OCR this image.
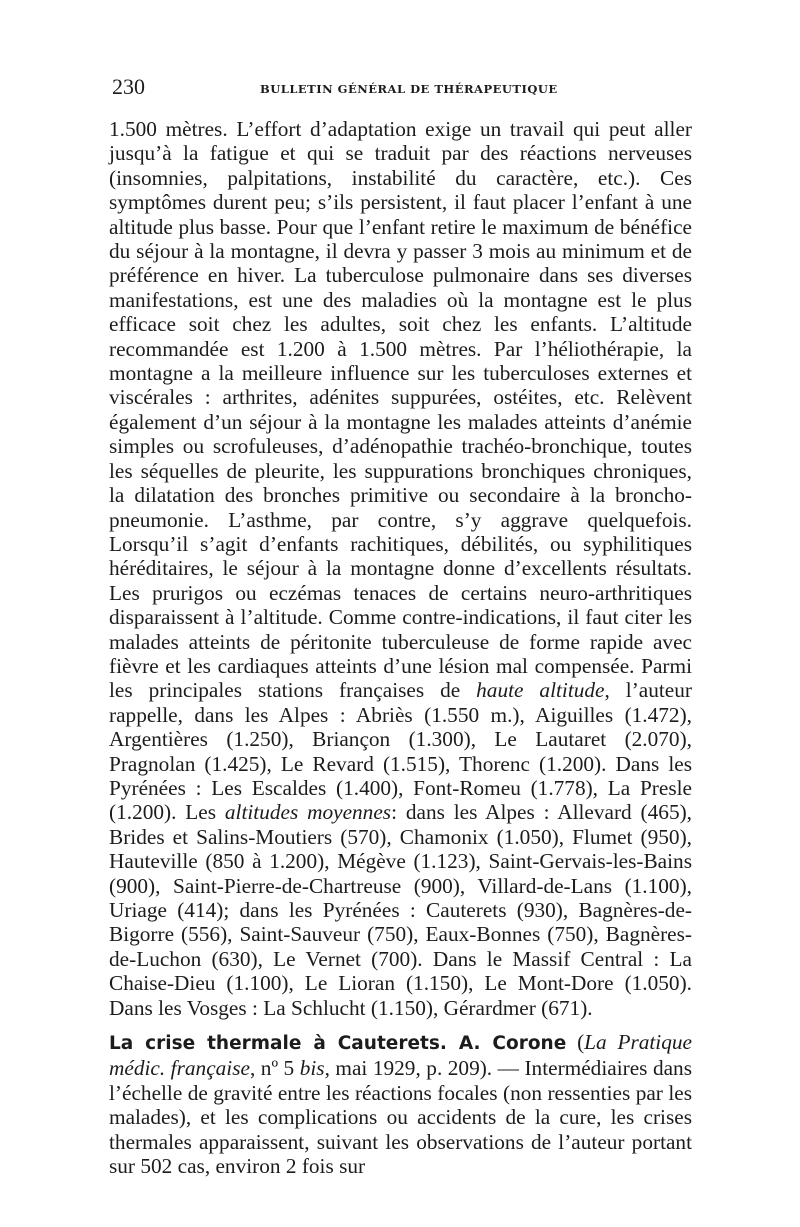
230	BULLETIN GÉNÉRAL DE THÉRAPEUTIQUE

1.500 mètres. L’effort d’adaptation exige un travail qui peut aller jusqu’à la fatigue et qui se traduit par des réactions nerveuses (insomnies, palpitations, instabilité du caractère, etc.). Ces symptômes durent peu; s’ils persistent, il faut placer l’enfant à une altitude plus basse. Pour que l’enfant retire le maximum de bénéfice du séjour à la montagne, il devra y passer 3 mois au minimum et de préférence en hiver. La tuberculose pulmonaire dans ses diverses manifestations, est une des maladies où la montagne est le plus efficace soit chez les adultes, soit chez les enfants. L’altitude recommandée est 1.200 à 1.500 mètres. Par l’héliothérapie, la montagne a la meilleure influence sur les tuberculoses externes et viscérales : arthrites, adénites suppurées, ostéites, etc. Relèvent également d’un séjour à la montagne les malades atteints d’anémie simples ou scrofuleuses, d’adénopathie trachéo-bronchique, toutes les séquelles de pleurite, les suppurations bronchiques chroniques, la dilatation des bronches primitive ou secondaire à la broncho-pneumonie. L’asthme, par contre, s’y aggrave quelquefois. Lorsqu’il s’agit d’enfants rachitiques, débilités, ou syphilitiques héréditaires, le séjour à la montagne donne d’excellents résultats. Les prurigos ou eczémas tenaces de certains neuro-arthritiques disparaissent à l’altitude. Comme contre-indications, il faut citer les malades atteints de péritonite tuberculeuse de forme rapide avec fièvre et les cardiaques atteints d’une lésion mal compensée. Parmi les principales stations françaises de haute altitude, l’auteur rappelle, dans les Alpes : Abriès (1.550 m.), Aiguilles (1.472), Argentières (1.250), Briançon (1.300), Le Lautaret (2.070), Pragnolan (1.425), Le Revard (1.515), Thorenc (1.200). Dans les Pyrénées : Les Escaldes (1.400), Font-Romeu (1.778), La Presle (1.200). Les altitudes moyennes: dans les Alpes : Allevard (465), Brides et Salins-Moutiers (570), Chamonix (1.050), Flumet (950), Hauteville (850 à 1.200), Mégève (1.123), Saint-Gervais-les-Bains (900), Saint-Pierre-de-Chartreuse (900), Villard-de-Lans (1.100), Uriage (414); dans les Pyrénées : Cauterets (930), Bagnères-de-Bigorre (556), Saint-Sauveur (750), Eaux-Bonnes (750), Bagnères-de-Luchon (630), Le Vernet (700). Dans le Massif Central : La Chaise-Dieu (1.100), Le Lioran (1.150), Le Mont-Dore (1.050). Dans les Vosges : La Schlucht (1.150), Gérardmer (671).

La crise thermale à Cauterets. A. Corone (La Pratique médic. française, nº 5 bis, mai 1929, p. 209). — Intermédiaires dans l’échelle de gravité entre les réactions focales (non ressenties par les malades), et les complications ou accidents de la cure, les crises thermales apparaissent, suivant les observations de l’auteur portant sur 502 cas, environ 2 fois sur
